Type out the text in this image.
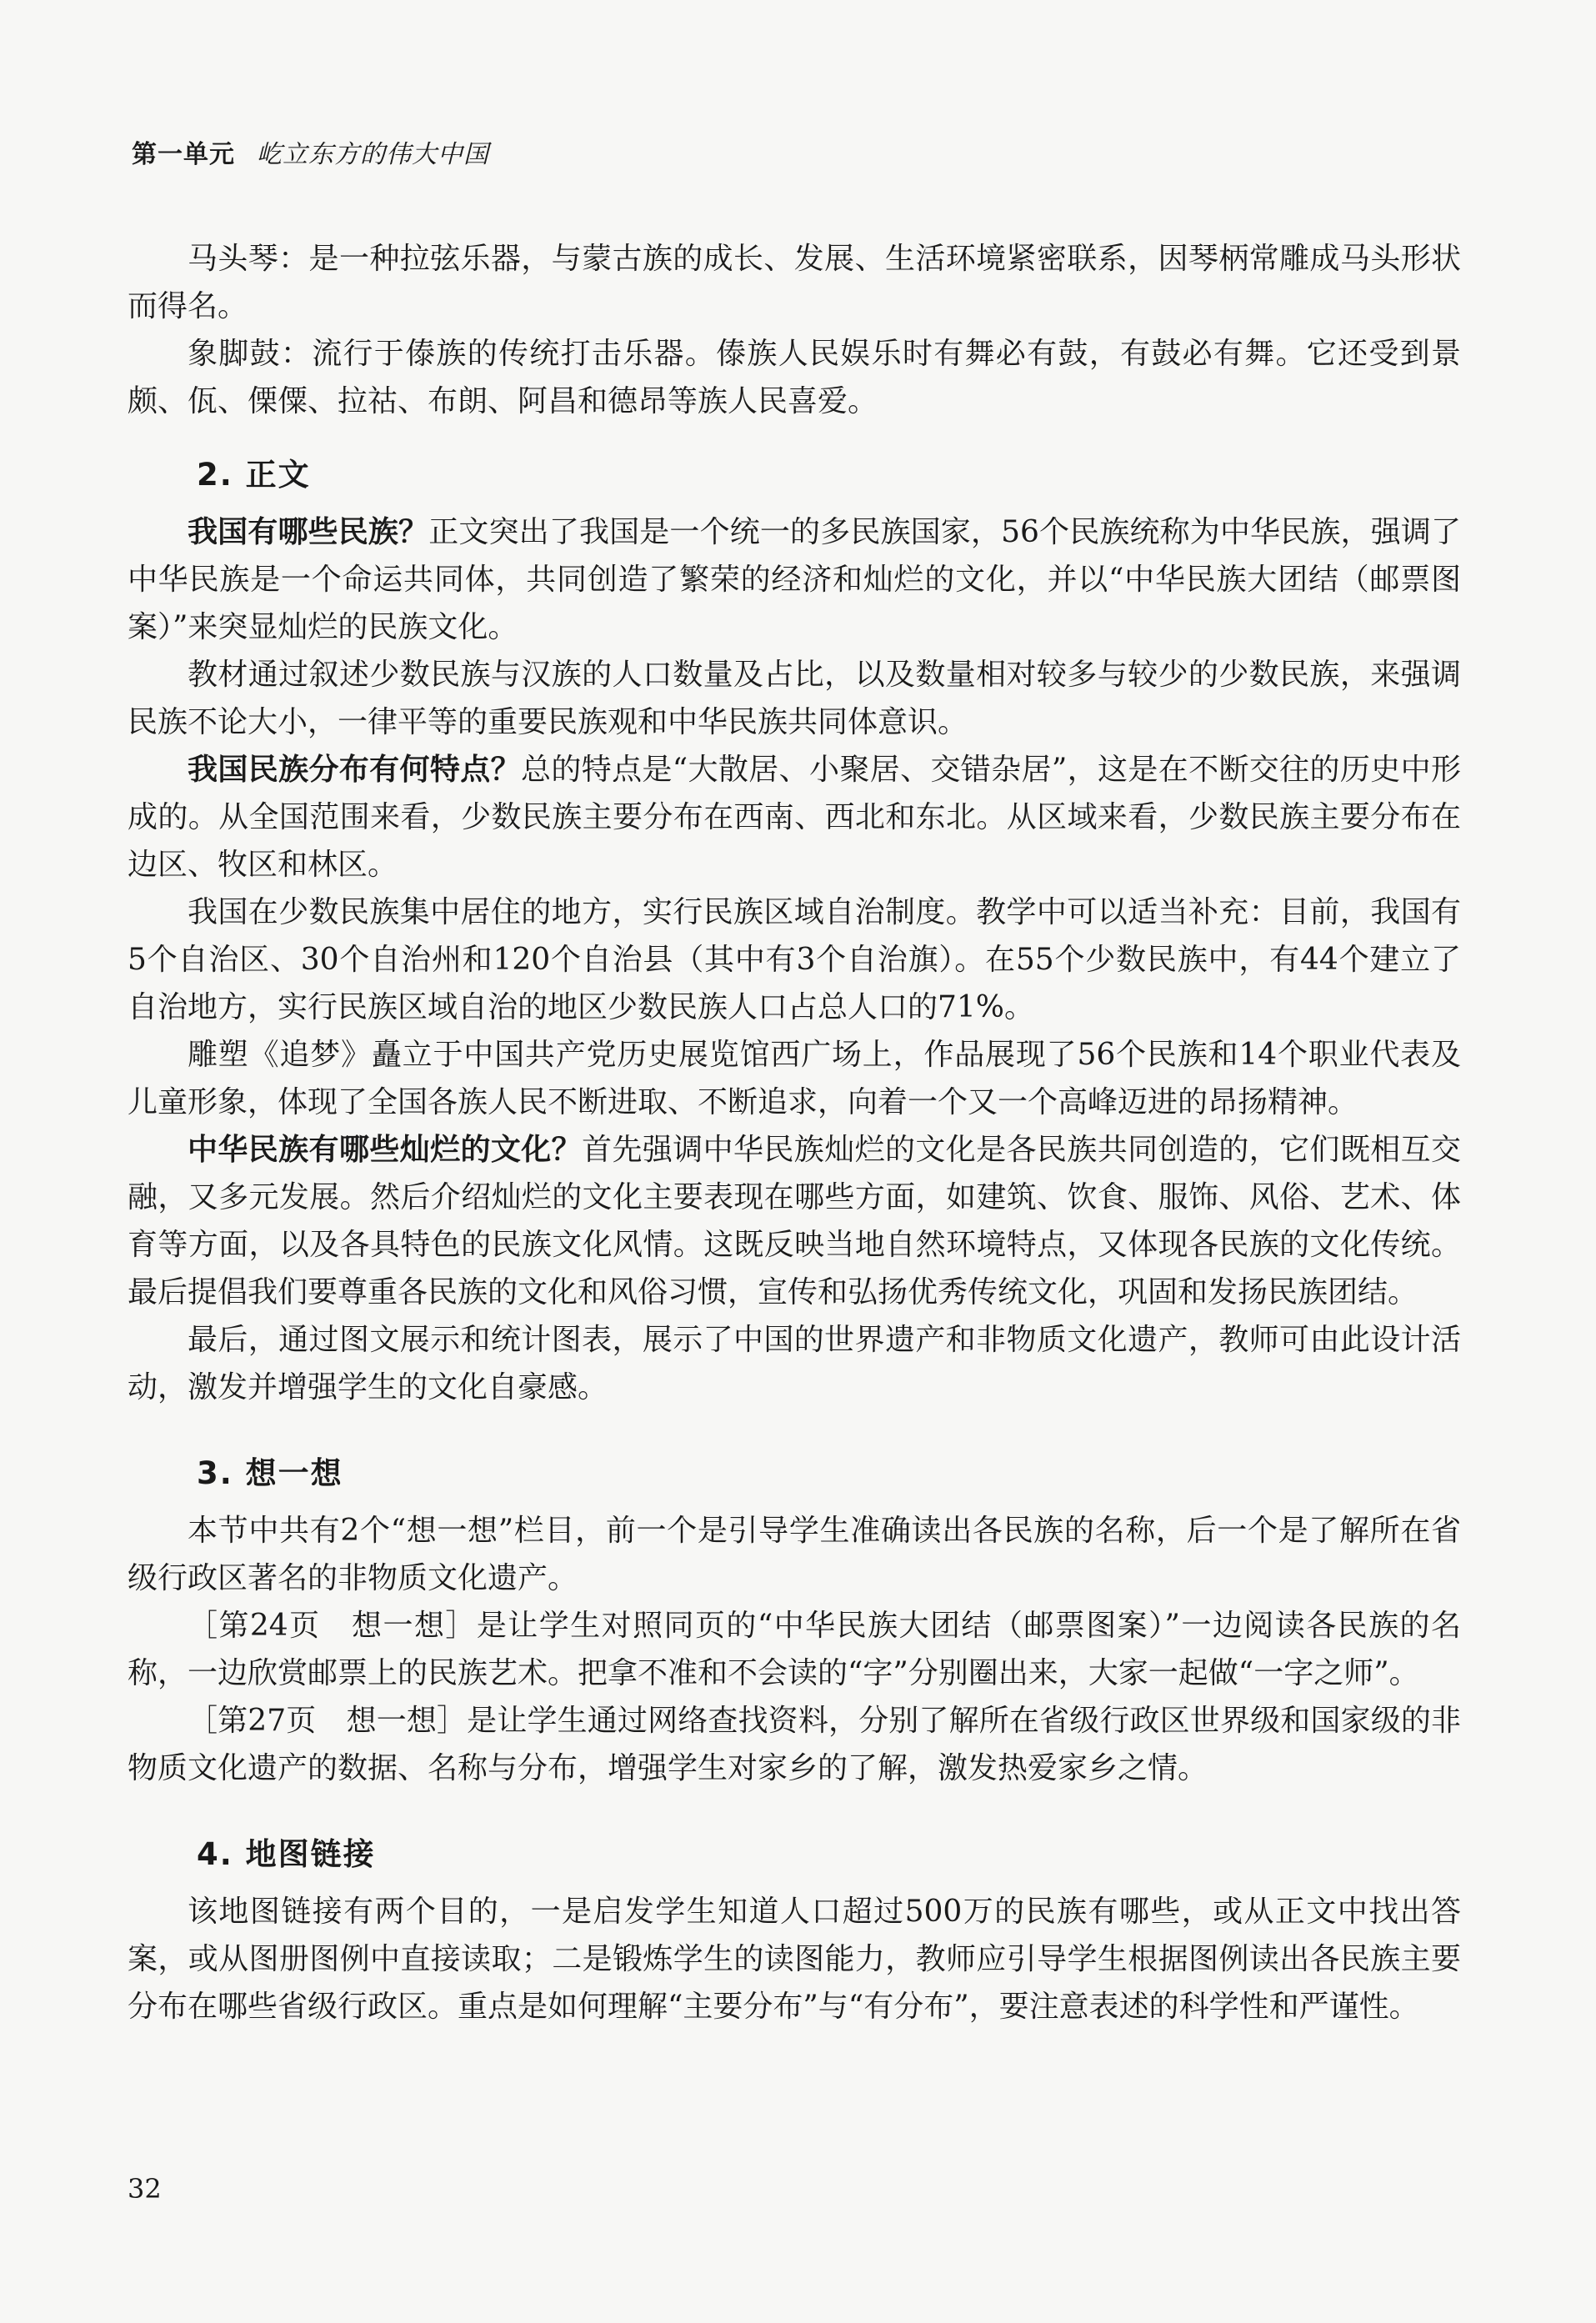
第一单元 屹立东方的伟大中国

马头琴：是一种拉弦乐器，与蒙古族的成长、发展、生活环境紧密联系，因琴柄常雕成马头形状而得名。

象脚鼓：流行于傣族的传统打击乐器。傣族人民娱乐时有舞必有鼓，有鼓必有舞。它还受到景颇、佤、傈僳、拉祜、布朗、阿昌和德昂等族人民喜爱。

2. 正文

我国有哪些民族？正文突出了我国是一个统一的多民族国家，56个民族统称为中华民族，强调了中华民族是一个命运共同体，共同创造了繁荣的经济和灿烂的文化，并以“中华民族大团结（邮票图案）”来突显灿烂的民族文化。

教材通过叙述少数民族与汉族的人口数量及占比，以及数量相对较多与较少的少数民族，来强调民族不论大小，一律平等的重要民族观和中华民族共同体意识。

我国民族分布有何特点？总的特点是“大散居、小聚居、交错杂居”，这是在不断交往的历史中形成的。从全国范围来看，少数民族主要分布在西南、西北和东北。从区域来看，少数民族主要分布在边区、牧区和林区。

我国在少数民族集中居住的地方，实行民族区域自治制度。教学中可以适当补充：目前，我国有5个自治区、30个自治州和120个自治县（其中有3个自治旗）。在55个少数民族中，有44个建立了自治地方，实行民族区域自治的地区少数民族人口占总人口的71%。

雕塑《追梦》矗立于中国共产党历史展览馆西广场上，作品展现了56个民族和14个职业代表及儿童形象，体现了全国各族人民不断进取、不断追求，向着一个又一个高峰迈进的昂扬精神。

中华民族有哪些灿烂的文化？首先强调中华民族灿烂的文化是各民族共同创造的，它们既相互交融，又多元发展。然后介绍灿烂的文化主要表现在哪些方面，如建筑、饮食、服饰、风俗、艺术、体育等方面，以及各具特色的民族文化风情。这既反映当地自然环境特点，又体现各民族的文化传统。最后提倡我们要尊重各民族的文化和风俗习惯，宣传和弘扬优秀传统文化，巩固和发扬民族团结。

最后，通过图文展示和统计图表，展示了中国的世界遗产和非物质文化遗产，教师可由此设计活动，激发并增强学生的文化自豪感。

3. 想一想

本节中共有2个“想一想”栏目，前一个是引导学生准确读出各民族的名称，后一个是了解所在省级行政区著名的非物质文化遗产。

［第24页　想一想］是让学生对照同页的“中华民族大团结（邮票图案）”一边阅读各民族的名称，一边欣赏邮票上的民族艺术。把拿不准和不会读的“字”分别圈出来，大家一起做“一字之师”。

［第27页　想一想］是让学生通过网络查找资料，分别了解所在省级行政区世界级和国家级的非物质文化遗产的数据、名称与分布，增强学生对家乡的了解，激发热爱家乡之情。

4. 地图链接

该地图链接有两个目的，一是启发学生知道人口超过500万的民族有哪些，或从正文中找出答案，或从图册图例中直接读取；二是锻炼学生的读图能力，教师应引导学生根据图例读出各民族主要分布在哪些省级行政区。重点是如何理解“主要分布”与“有分布”，要注意表述的科学性和严谨性。

32
